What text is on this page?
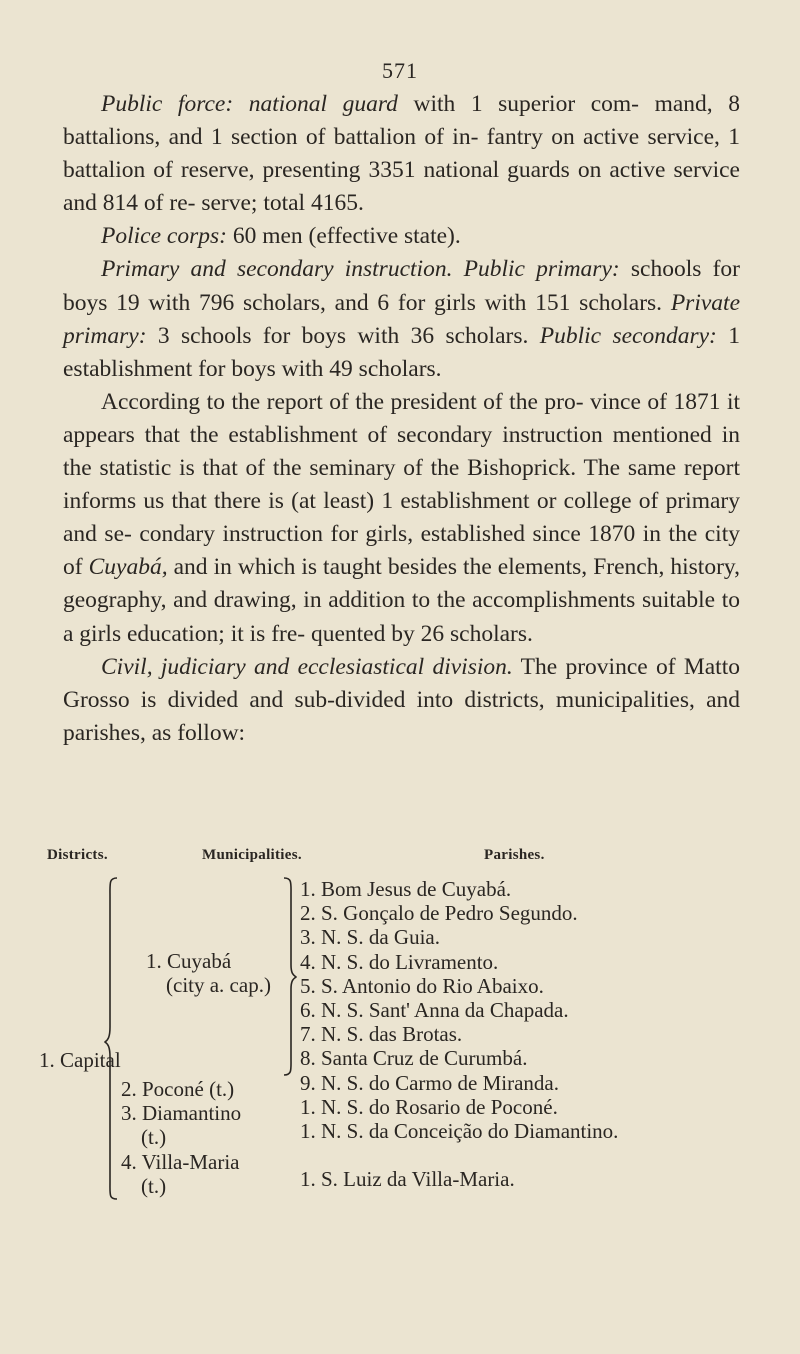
571

Public force: national guard with 1 superior com- mand, 8 battalions, and 1 section of battalion of in- fantry on active service, 1 battalion of reserve, presenting 3351 national guards on active service and 814 of re- serve; total 4165.

Police corps: 60 men (effective state).

Primary and secondary instruction. Public primary: schools for boys 19 with 796 scholars, and 6 for girls with 151 scholars. Private primary: 3 schools for boys with 36 scholars. Public secondary: 1 establishment for boys with 49 scholars.

According to the report of the president of the pro- vince of 1871 it appears that the establishment of secondary instruction mentioned in the statistic is that of the seminary of the Bishoprick. The same report informs us that there is (at least) 1 establishment or college of primary and se- condary instruction for girls, established since 1870 in the city of Cuyabá, and in which is taught besides the elements, French, history, geography, and drawing, in addition to the accomplishments suitable to a girls education; it is fre- quented by 26 scholars.

Civil, judiciary and ecclesiastical division. The province of Matto Grosso is divided and sub-divided into districts, municipalities, and parishes, as follow:

Districts.	Municipalities.	Parishes.
1. Capital
1. Cuyabá
(city a. cap.)
2. Poconé (t.)
3. Diamantino
(t.)
4. Villa-Maria
(t.)
1. Bom Jesus de Cuyabá.
2. S. Gonçalo de Pedro Segundo.
3. N. S. da Guia.
4. N. S. do Livramento.
5. S. Antonio do Rio Abaixo.
6. N. S. Sant' Anna da Chapada.
7. N. S. das Brotas.
8. Santa Cruz de Curumbá.
9. N. S. do Carmo de Miranda.
1. N. S. do Rosario de Poconé.
1. N. S. da Conceição do Diamantino.
1. S. Luiz da Villa-Maria.
